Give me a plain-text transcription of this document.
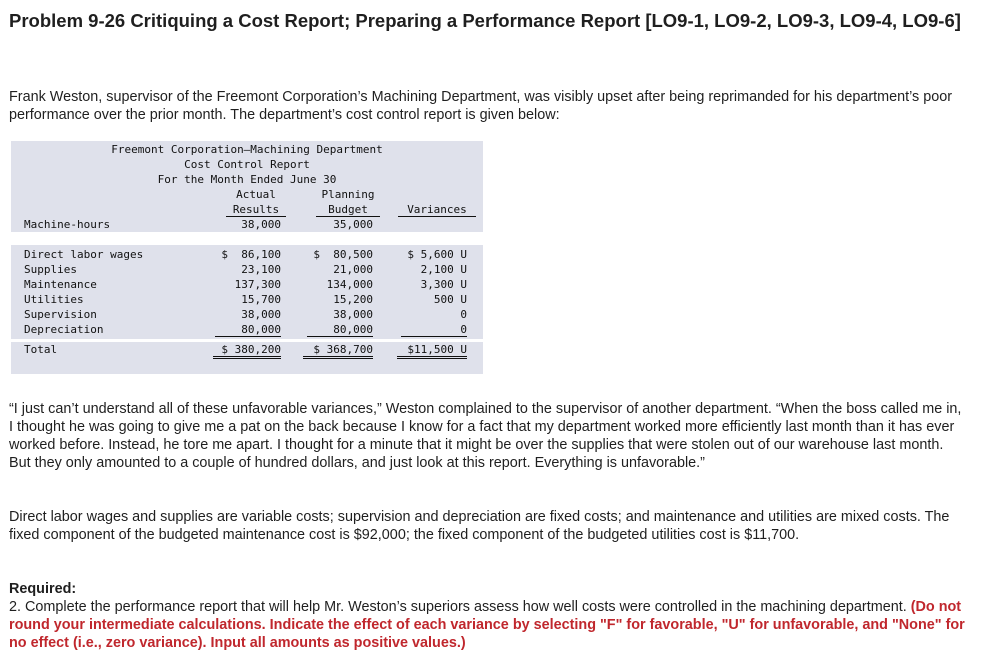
Problem 9-26 Critiquing a Cost Report; Preparing a Performance Report [LO9-1, LO9-2, LO9-3, LO9-4, LO9-6]

Frank Weston, supervisor of the Freemont Corporation’s Machining Department, was visibly upset after being reprimanded for his department’s poor performance over the prior month. The department’s cost control report is given below:

Freemont Corporation—Machining Department
Cost Control Report
For the Month Ended June 30
Actual
Results
Planning
Budget	Variances
Machine-hours	38,000	35,000
Direct labor wages	$  86,100	$  80,500	$ 5,600 U
Supplies	23,100	21,000	2,100 U
Maintenance	137,300	134,000	3,300 U
Utilities	15,700	15,200	500 U
Supervision	38,000	38,000	0
Depreciation	80,000	80,000	0
Total	$ 380,200	$ 368,700	$11,500 U

“I just can’t understand all of these unfavorable variances,” Weston complained to the supervisor of another department. “When the boss called me in, I thought he was going to give me a pat on the back because I know for a fact that my department worked more efficiently last month than it has ever worked before. Instead, he tore me apart. I thought for a minute that it might be over the supplies that were stolen out of our warehouse last month. But they only amounted to a couple of hundred dollars, and just look at this report. Everything is unfavorable.”

Direct labor wages and supplies are variable costs; supervision and depreciation are fixed costs; and maintenance and utilities are mixed costs. The fixed component of the budgeted maintenance cost is $92,000; the fixed component of the budgeted utilities cost is $11,700.

Required:
2. Complete the performance report that will help Mr. Weston’s superiors assess how well costs were controlled in the machining department. (Do not round your intermediate calculations. Indicate the effect of each variance by selecting "F" for favorable, "U" for unfavorable, and "None" for no effect (i.e., zero variance). Input all amounts as positive values.)
